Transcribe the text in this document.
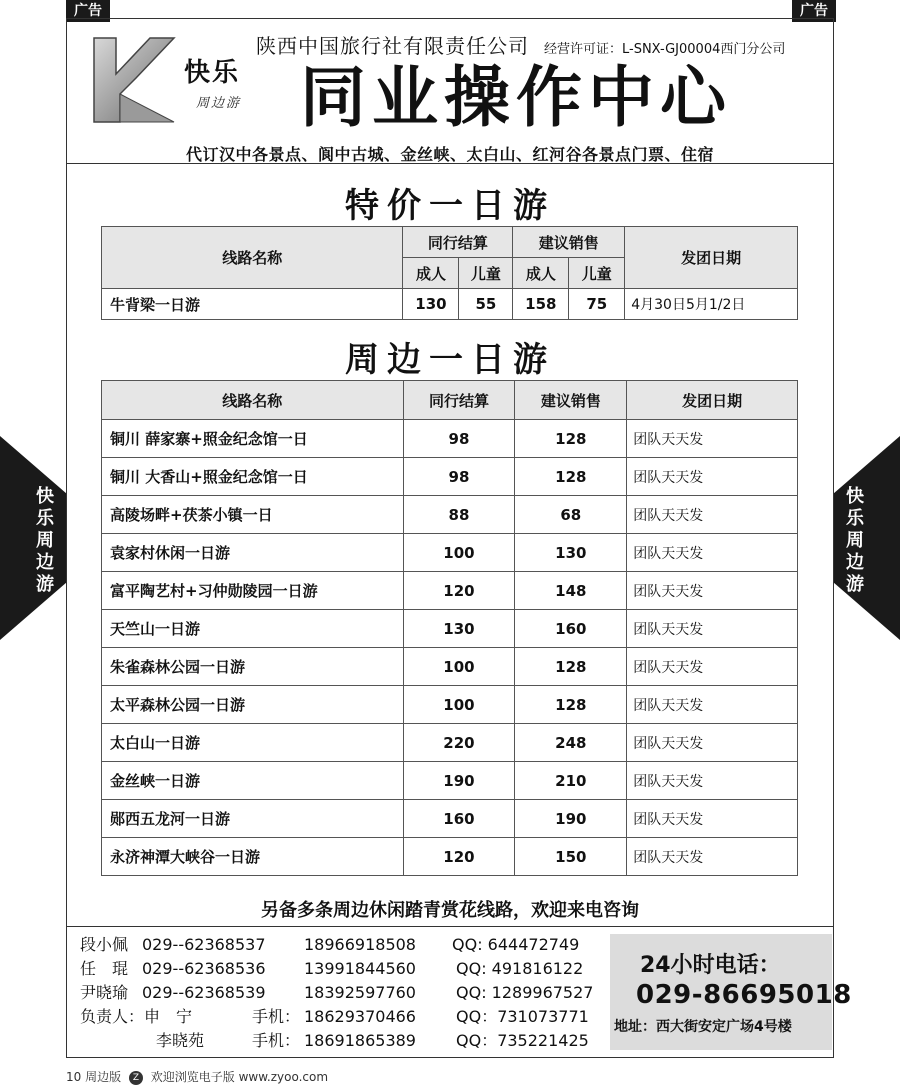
广告	广告
快乐
周边游
陕西中国旅行社有限责任公司 经营许可证：L-SNX-GJ00004西门分公司
同业操作中心
代订汉中各景点、阆中古城、金丝峡、太白山、红河谷各景点门票、住宿
特价一日游
线路名称	同行结算		建议销售		发团日期
	成人	儿童	成人	儿童	
牛背梁一日游	130	55	158	75	4月30日5月1/2日
周边一日游
线路名称	同行结算	建议销售	发团日期
铜川 薛家寨+照金纪念馆一日	98	128	团队天天发
铜川 大香山+照金纪念馆一日	98	128	团队天天发
高陵场畔+茯茶小镇一日	88	68	团队天天发
袁家村休闲一日游	100	130	团队天天发
富平陶艺村+习仲勋陵园一日游	120	148	团队天天发
天竺山一日游	130	160	团队天天发
朱雀森林公园一日游	100	128	团队天天发
太平森林公园一日游	100	128	团队天天发
太白山一日游	220	248	团队天天发
金丝峡一日游	190	210	团队天天发
郧西五龙河一日游	160	190	团队天天发
永济神潭大峡谷一日游	120	150	团队天天发
另备多条周边休闲踏青赏花线路，欢迎来电咨询
段小佩 029--62368537 18966918508 QQ: 644472749
任　琨 029--62368536 13991844560	QQ: 491816122
尹晓瑜 029--62368539 18392597760	QQ: 1289967527
负责人：申　宁	手机： 18629370466	QQ：731073771
李晓苑	手机： 18691865389	QQ：735221425
24小时电话：
029-86695018
地址：西大街安定广场4号楼
快
乐
周
边
游
快
乐
周
边
游
10 周边版 Z 欢迎浏览电子版 www.zyoo.com
